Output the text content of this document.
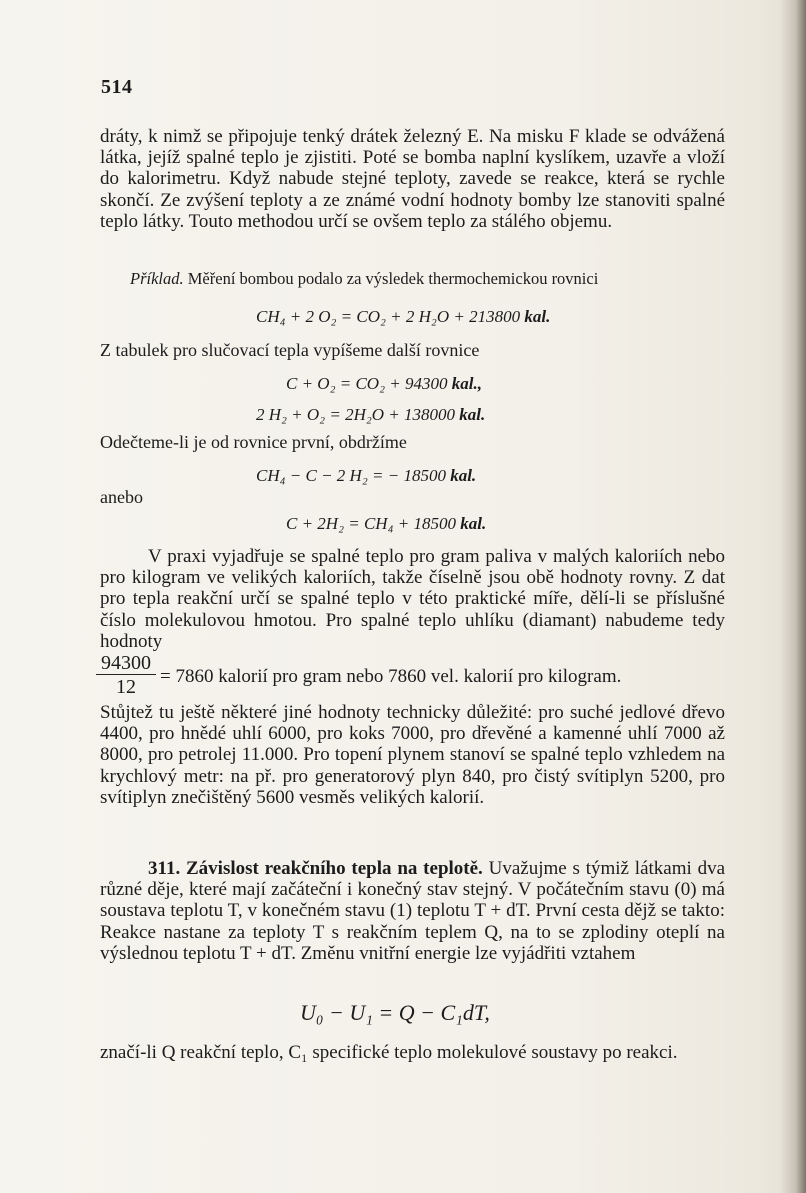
514

dráty, k nimž se připojuje tenký drátek železný E. Na misku F klade se odvážená látka, jejíž spalné teplo je zjistiti. Poté se bomba naplní kyslíkem, uzavře a vloží do kalorimetru. Když nabude stejné teploty, zavede se reakce, která se rychle skončí. Ze zvýšení teploty a ze známé vodní hodnoty bomby lze stanoviti spalné teplo látky. Touto methodou určí se ovšem teplo za stálého objemu.

Příklad. Měření bombou podalo za výsledek thermochemickou rovnici

CH₄ + 2 O₂ = CO₂ + 2 H₂O + 213800 kal.
Z tabulek pro slučovací tepla vypíšeme další rovnice
C + O₂ = CO₂ + 94300 kal.,
2 H₂ + O₂ = 2H₂O + 138000 kal.
Odečteme-li je od rovnice první, obdržíme
CH₄ − C − 2 H₂ = − 18500 kal.
anebo
C + 2H₂ = CH₄ + 18500 kal.

V praxi vyjadřuje se spalné teplo pro gram paliva v malých kaloriích nebo pro kilogram ve velikých kaloriích, takže číselně jsou obě hodnoty rovny. Z dat pro tepla reakční určí se spalné teplo v této praktické míře, dělí-li se příslušné číslo molekulovou hmotou. Pro spalné teplo uhlíku (diamant) nabudeme tedy hodnoty

$\frac{94300}{12} = 7860$ kalorií pro gram nebo 7860 vel. kalorií pro kilogram.

Stůjtež tu ještě některé jiné hodnoty technicky důležité: pro suché jedlové dřevo 4400, pro hnědé uhlí 6000, pro koks 7000, pro dřevěné a kamenné uhlí 7000 až 8000, pro petrolej 11.000. Pro topení plynem stanoví se spalné teplo vzhledem na krychlový metr: na př. pro generatorový plyn 840, pro čistý svítiplyn 5200, pro svítiplyn znečištěný 5600 vesměs velikých kalorií.

311. Závislost reakčního tepla na teplotě. Uvažujme s týmiž látkami dva různé děje, které mají začáteční i konečný stav stejný. V počátečním stavu (0) má soustava teplotu T, v konečném stavu (1) teplotu T + dT. První cesta dějž se takto: Reakce nastane za teploty T s reakčním teplem Q, na to se zplodiny oteplí na výslednou teplotu T + dT. Změnu vnitřní energie lze vyjádřiti vztahem

U₀ − U₁ = Q − C₁dT,

značí-li Q reakční teplo, C₁ specifické teplo molekulové soustavy po reakci.
